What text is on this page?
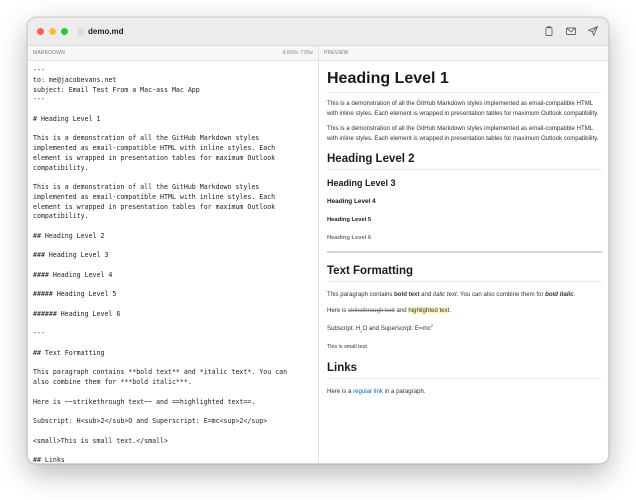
demo.md
MARKDOWN	4,890c 728w PREVIEW
---
to: me@jacobevans.net
subject: Email Test From a Mac-ass Mac App
---
# Heading Level 1
This is a demonstration of all the GitHub Markdown styles
implemented as email-compatible HTML with inline styles. Each
element is wrapped in presentation tables for maximum Outlook
compatibility.
This is a demonstration of all the GitHub Markdown styles
implemented as email-compatible HTML with inline styles. Each
element is wrapped in presentation tables for maximum Outlook
compatibility.
## Heading Level 2
### Heading Level 3
#### Heading Level 4
##### Heading Level 5
###### Heading Level 6
---
## Text Formatting
This paragraph contains **bold text** and *italic text*. You can
also combine them for ***bold italic***.
Here is ~~strikethrough text~~ and ==highlighted text==.
Subscript: H<sub>2</sub>O and Superscript: E=mc<sup>2</sup>
<small>This is small text.</small>
## Links
Heading Level 1

This is a demonstration of all the GitHub Markdown styles implemented as email-compatible HTML with inline styles. Each element is wrapped in presentation tables for maximum Outlook compatibility.

This is a demonstration of all the GitHub Markdown styles implemented as email-compatible HTML with inline styles. Each element is wrapped in presentation tables for maximum Outlook compatibility.

Heading Level 2
Heading Level 3
Heading Level 4
Heading Level 5
Heading Level 6
Text Formatting

This paragraph contains bold text and italic text. You can also combine them for bold italic.

Here is strikethrough text and highlighted text.

Subscript: $H_2O$ and Superscript: $E=mc^2$

This is small text.

Links

Here is a regular link in a paragraph.
